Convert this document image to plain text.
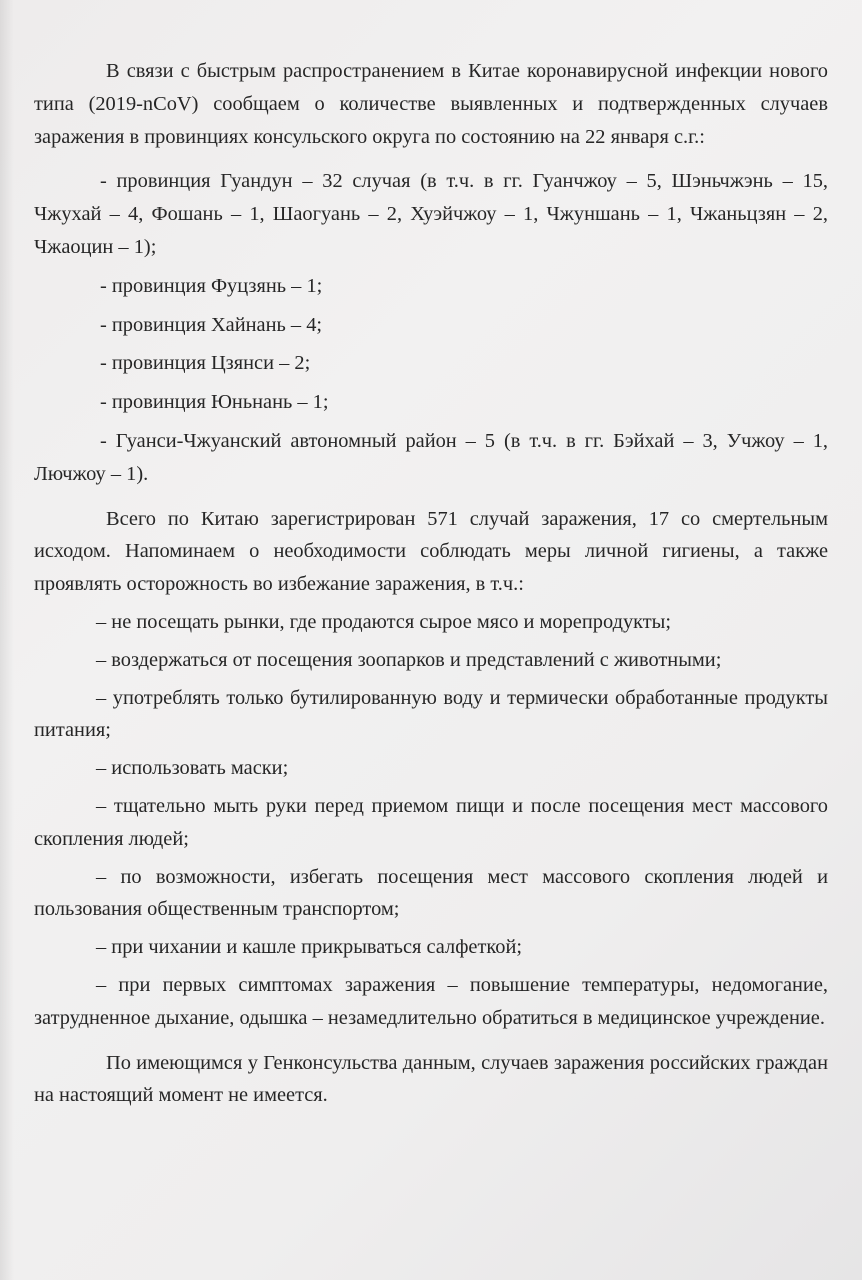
В связи с быстрым распространением в Китае коронавирусной инфекции нового типа (2019-nCoV) сообщаем о количестве выявленных и подтвержденных случаев заражения в провинциях консульского округа по состоянию на 22 января с.г.:

- провинция Гуандун – 32 случая (в т.ч. в гг. Гуанчжоу – 5, Шэньчжэнь – 15, Чжухай – 4, Фошань – 1, Шаогуань – 2, Хуэйчжоу – 1, Чжуншань – 1, Чжаньцзян – 2, Чжаоцин – 1);

- провинция Фуцзянь – 1;

- провинция Хайнань – 4;

- провинция Цзянси – 2;

- провинция Юньнань – 1;

- Гуанси-Чжуанский автономный район – 5 (в т.ч. в гг. Бэйхай – 3, Учжоу – 1, Лючжоу – 1).

Всего по Китаю зарегистрирован 571 случай заражения, 17 со смертельным исходом. Напоминаем о необходимости соблюдать меры личной гигиены, а также проявлять осторожность во избежание заражения, в т.ч.:

– не посещать рынки, где продаются сырое мясо и морепродукты;

– воздержаться от посещения зоопарков и представлений с животными;

– употреблять только бутилированную воду и термически обработанные продукты питания;

– использовать маски;

– тщательно мыть руки перед приемом пищи и после посещения мест массового скопления людей;

– по возможности, избегать посещения мест массового скопления людей и пользования общественным транспортом;

– при чихании и кашле прикрываться салфеткой;

– при первых симптомах заражения – повышение температуры, недомогание, затрудненное дыхание, одышка – незамедлительно обратиться в медицинское учреждение.

По имеющимся у Генконсульства данным, случаев заражения российских граждан на настоящий момент не имеется.
